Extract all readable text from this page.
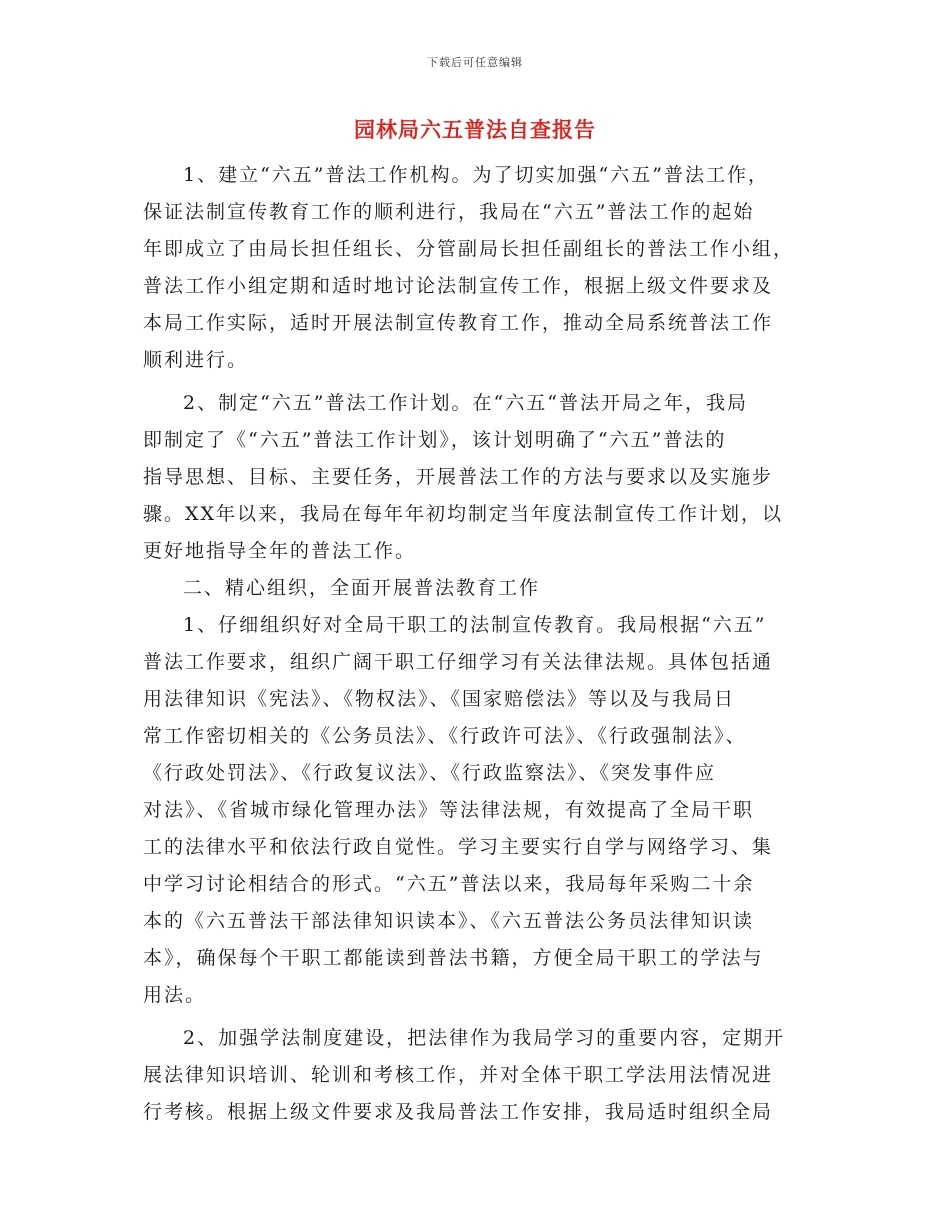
下载后可任意编辑
园林局六五普法自查报告
1、建立“六五”普法工作机构。为了切实加强“六五”普法工作，
保证法制宣传教育工作的顺利进行，我局在“六五”普法工作的起始
年即成立了由局长担任组长、分管副局长担任副组长的普法工作小组，
普法工作小组定期和适时地讨论法制宣传工作，根据上级文件要求及
本局工作实际，适时开展法制宣传教育工作，推动全局系统普法工作
顺利进行。
2、制定“六五”普法工作计划。在“六五“普法开局之年，我局
即制定了《“六五”普法工作计划》，该计划明确了“六五”普法的
指导思想、目标、主要任务，开展普法工作的方法与要求以及实施步
骤。XX年以来，我局在每年年初均制定当年度法制宣传工作计划，以
更好地指导全年的普法工作。
二、精心组织，全面开展普法教育工作
1、仔细组织好对全局干职工的法制宣传教育。我局根据“六五”
普法工作要求，组织广阔干职工仔细学习有关法律法规。具体包括通
用法律知识《宪法》、《物权法》、《国家赔偿法》等以及与我局日
常工作密切相关的《公务员法》、《行政许可法》、《行政强制法》、
《行政处罚法》、《行政复议法》、《行政监察法》、《突发事件应
对法》、《省城市绿化管理办法》等法律法规，有效提高了全局干职
工的法律水平和依法行政自觉性。学习主要实行自学与网络学习、集
中学习讨论相结合的形式。“六五”普法以来，我局每年采购二十余
本的《六五普法干部法律知识读本》、《六五普法公务员法律知识读
本》，确保每个干职工都能读到普法书籍，方便全局干职工的学法与
用法。
2、加强学法制度建设，把法律作为我局学习的重要内容，定期开
展法律知识培训、轮训和考核工作，并对全体干职工学法用法情况进
行考核。根据上级文件要求及我局普法工作安排，我局适时组织全局
